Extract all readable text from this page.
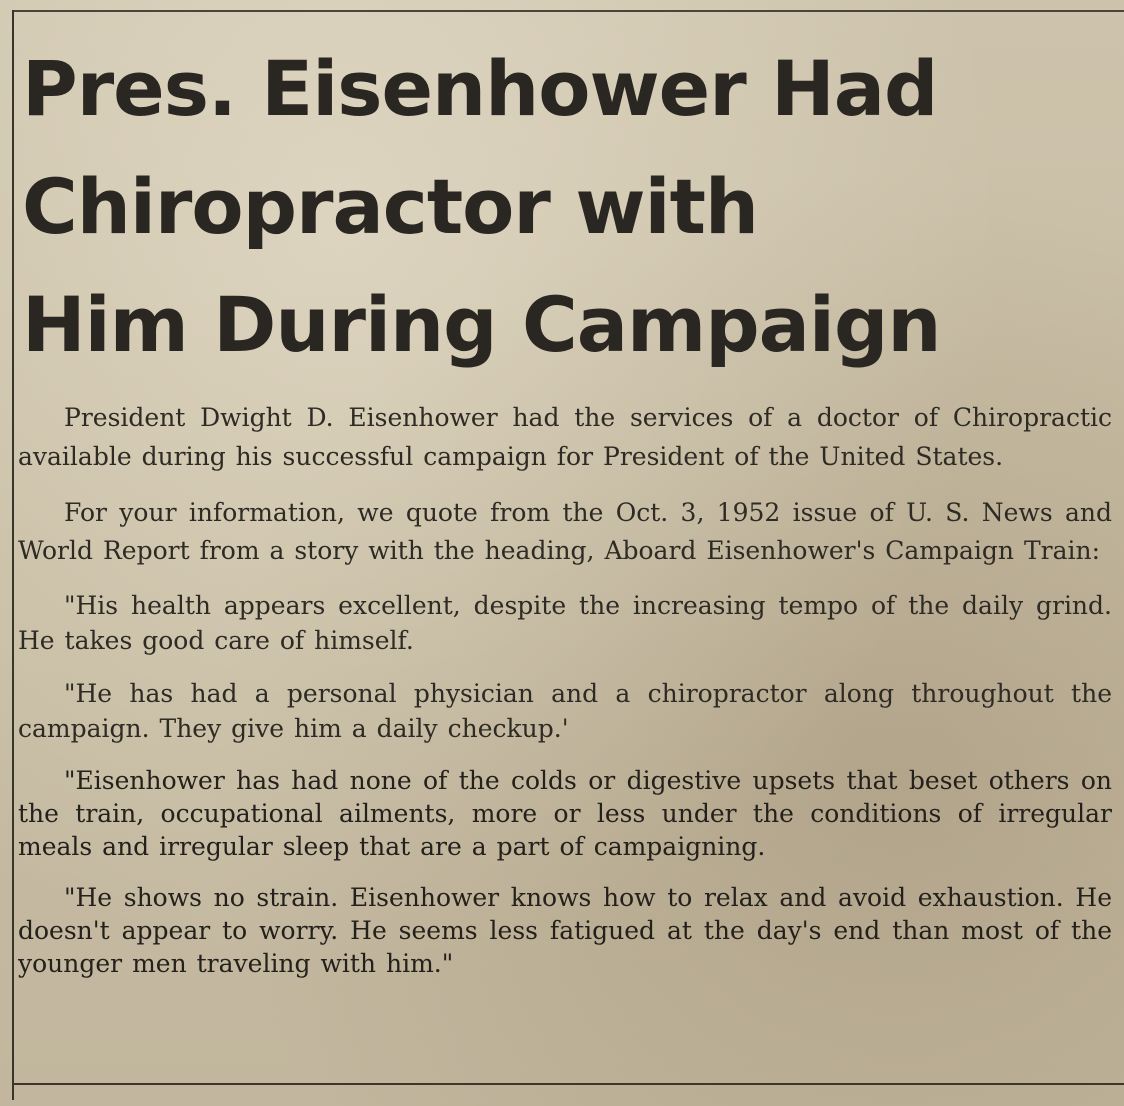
Pres. Eisenhower Had
Chiropractor with
Him During Campaign

President Dwight D. Eisenhower had the services of a doctor of Chiropractic available during his successful campaign for President of the United States.

For your information, we quote from the Oct. 3, 1952 issue of U. S. News and World Report from a story with the heading, Aboard Eisenhower's Campaign Train:

"His health appears excellent, despite the increasing tempo of the daily grind. He takes good care of himself.

"He has had a personal physician and a chiropractor along throughout the campaign. They give him a daily checkup.'

"Eisenhower has had none of the colds or digestive upsets that beset others on the train, occupational ailments, more or less under the conditions of irregular meals and irregular sleep that are a part of campaigning.

"He shows no strain. Eisenhower knows how to relax and avoid exhaustion. He doesn't appear to worry. He seems less fatigued at the day's end than most of the younger men traveling with him."
